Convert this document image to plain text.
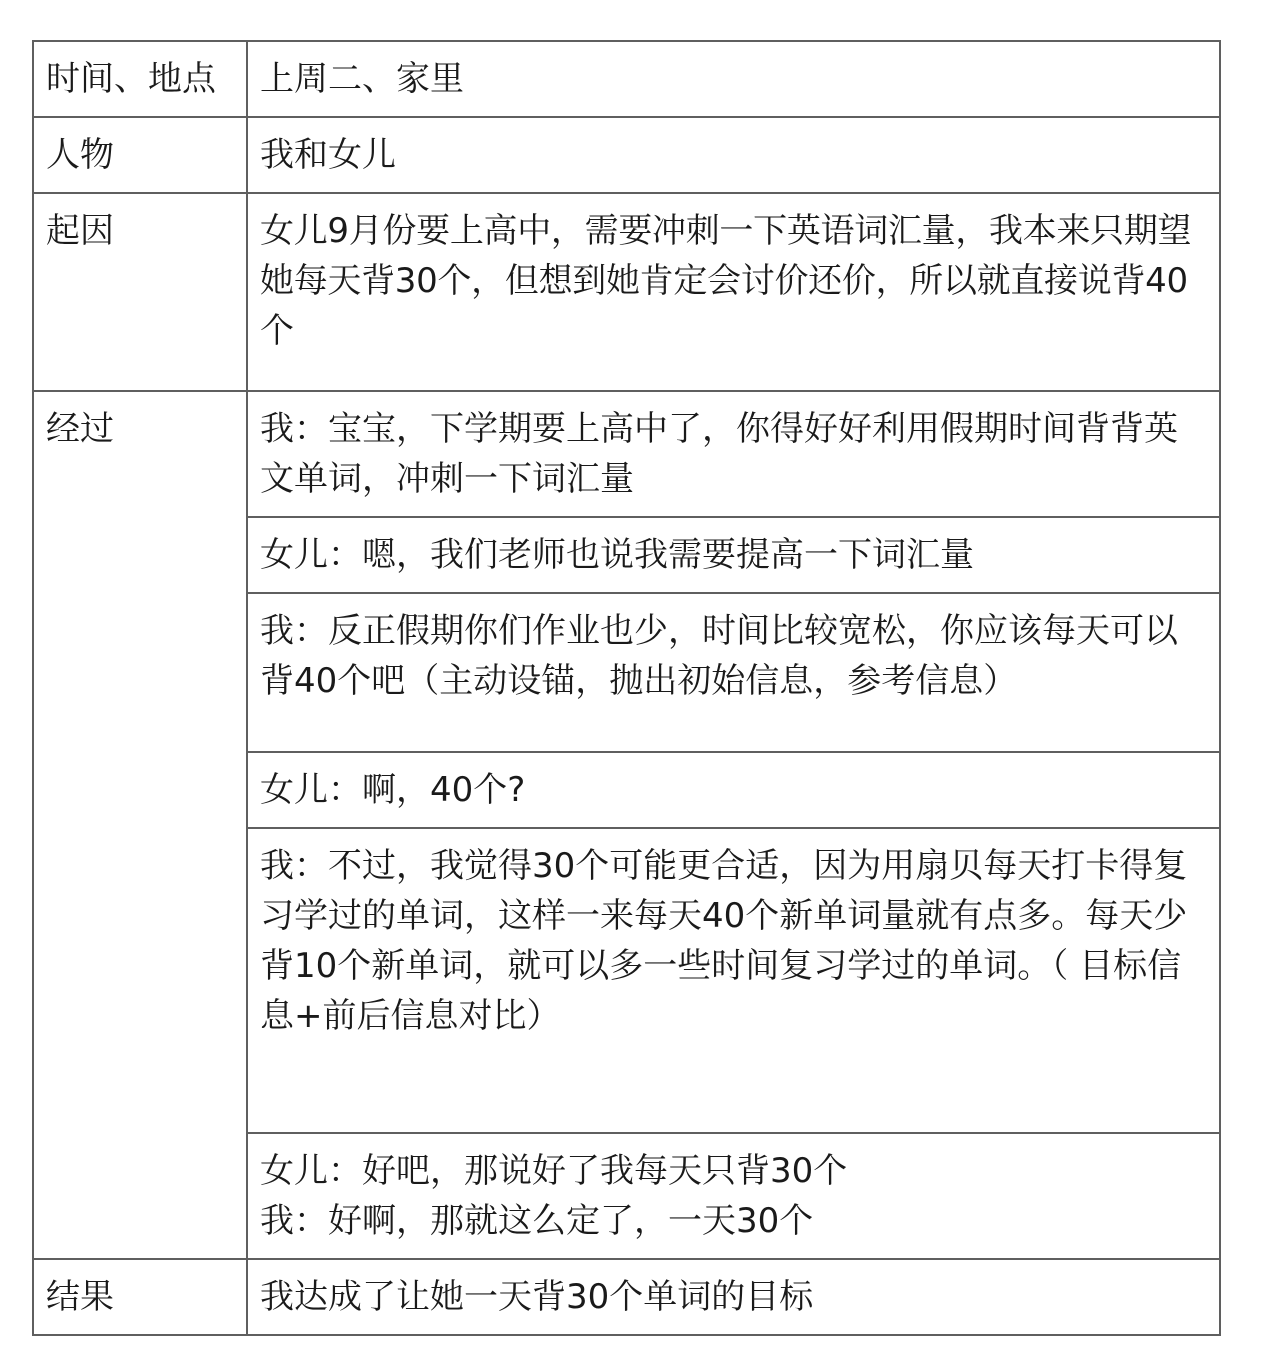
时间、地点	上周二、家里
人物	我和女儿
起因	女儿9月份要上高中，需要冲刺一下英语词汇量，我本来只期望她每天背30个，但想到她肯定会讨价还价，所以就直接说背40个
经过	我：宝宝，下学期要上高中了，你得好好利用假期时间背背英文单词，冲刺一下词汇量
	女儿：嗯，我们老师也说我需要提高一下词汇量
	我：反正假期你们作业也少，时间比较宽松，你应该每天可以背40个吧（主动设锚，抛出初始信息，参考信息）
	女儿：啊，40个?
	我：不过，我觉得30个可能更合适，因为用扇贝每天打卡得复习学过的单词，这样一来每天40个新单词量就有点多。每天少背10个新单词，就可以多一些时间复习学过的单词。（ 目标信息+前后信息对比）

	女儿：好吧，那说好了我每天只背30个
我：好啊，那就这么定了，一天30个

结果	我达成了让她一天背30个单词的目标
